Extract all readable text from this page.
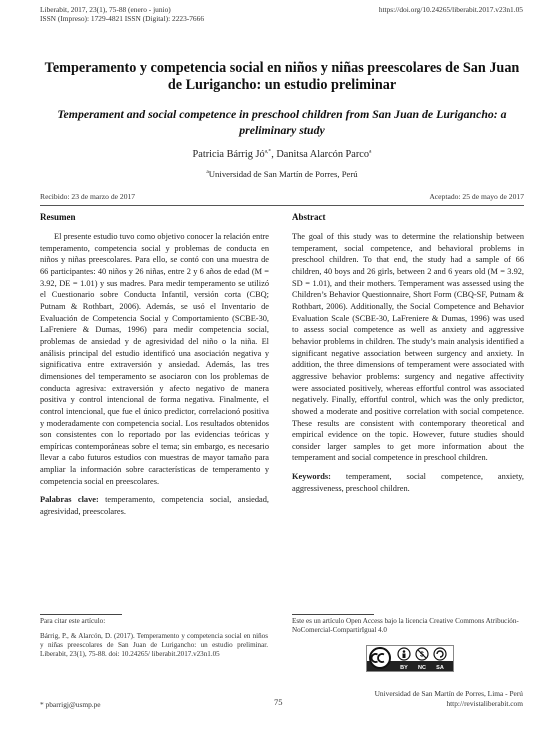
Liberabit, 2017, 23(1), 75-88 (enero - junio)
ISSN (Impreso): 1729-4821 ISSN (Digital): 2223-7666
https://doi.org/10.24265/liberabit.2017.v23n1.05
Temperamento y competencia social en niños y niñas preescolares de San Juan de Lurigancho: un estudio preliminar
Temperament and social competence in preschool children from San Juan de Lurigancho: a preliminary study
Patricia Bárrig $Jó^{a,*}$, Danitsa Alarcón Parco$^a$
$^a$Universidad de San Martín de Porres, Perú
Recibido: 23 de marzo de 2017	Aceptado: 25 de mayo de 2017
Resumen

El presente estudio tuvo como objetivo conocer la relación entre temperamento, competencia social y problemas de conducta en niños y niñas preescolares. Para ello, se contó con una muestra de 66 participantes: 40 niños y 26 niñas, entre 2 y 6 años de edad (M = 3.92, DE = 1.01) y sus madres. Para medir temperamento se utilizó el Cuestionario sobre Conducta Infantil, versión corta (CBQ; Putnam & Rothbart, 2006). Además, se usó el Inventario de Evaluación de Competencia Social y Comportamiento (SCBE-30, LaFreniere & Dumas, 1996) para medir competencia social, problemas de ansiedad y de agresividad del niño o la niña. El análisis principal del estudio identificó una asociación negativa y significativa entre extraversión y ansiedad. Además, las tres dimensiones del temperamento se asociaron con los problemas de conducta agresiva: extraversión y afecto negativo de manera positiva y control intencional de forma negativa. Finalmente, el control intencional, que fue el único predictor, correlacionó positiva y moderadamente con competencia social. Los resultados obtenidos son consistentes con lo reportado por las evidencias teóricas y empíricas contemporáneas sobre el tema; sin embargo, es necesario llevar a cabo futuros estudios con muestras de mayor tamaño para ampliar la información sobre características de temperamento y competencia social en preescolares.

Palabras clave: temperamento, competencia social, ansiedad, agresividad, preescolares.

Abstract

The goal of this study was to determine the relationship between temperament, social competence, and behavioral problems in preschool children. To that end, the study had a sample of 66 children, 40 boys and 26 girls, between 2 and 6 years old (M = 3.92, SD = 1.01), and their mothers. Temperament was assessed using the Children’s Behavior Questionnaire, Short Form (CBQ-SF, Putnam & Rothbart, 2006). Additionally, the Social Competence and Behavior Evaluation Scale (SCBE-30, LaFreniere & Dumas, 1996) was used to assess social competence as well as anxiety and aggressive behavior problems in children. The study’s main analysis identified a significant negative association between surgency and anxiety. In addition, the three dimensions of temperament were associated with aggressive behavior problems: surgency and negative affectivity were associated positively, whereas effortful control was associated negatively. Finally, effortful control, which was the only predictor, showed a moderate and positive correlation with social competence. These results are consistent with contemporary theoretical and empirical evidence on the topic. However, future studies should consider larger samples to get more information about the temperament and social competence in preschool children.

Keywords: temperament, social competence, anxiety, aggressiveness, preschool children.

Para citar este artículo:
Bárrig, P., & Alarcón, D. (2017). Temperamento y competencia social en niños y niñas preescolares de San Juan de Lurigancho: un estudio preliminar. Liberabit, 23(1), 75-88. doi: 10.24265/ liberabit.2017.v23n1.05
Este es un artículo Open Access bajo la licencia Creative Commons Atribución-NoComercial-CompartirIgual 4.0
$
BY NC SA
* pbarrigj@usmp.pe	75
Universidad de San Martín de Porres, Lima - Perú
http://revistaliberabit.com
